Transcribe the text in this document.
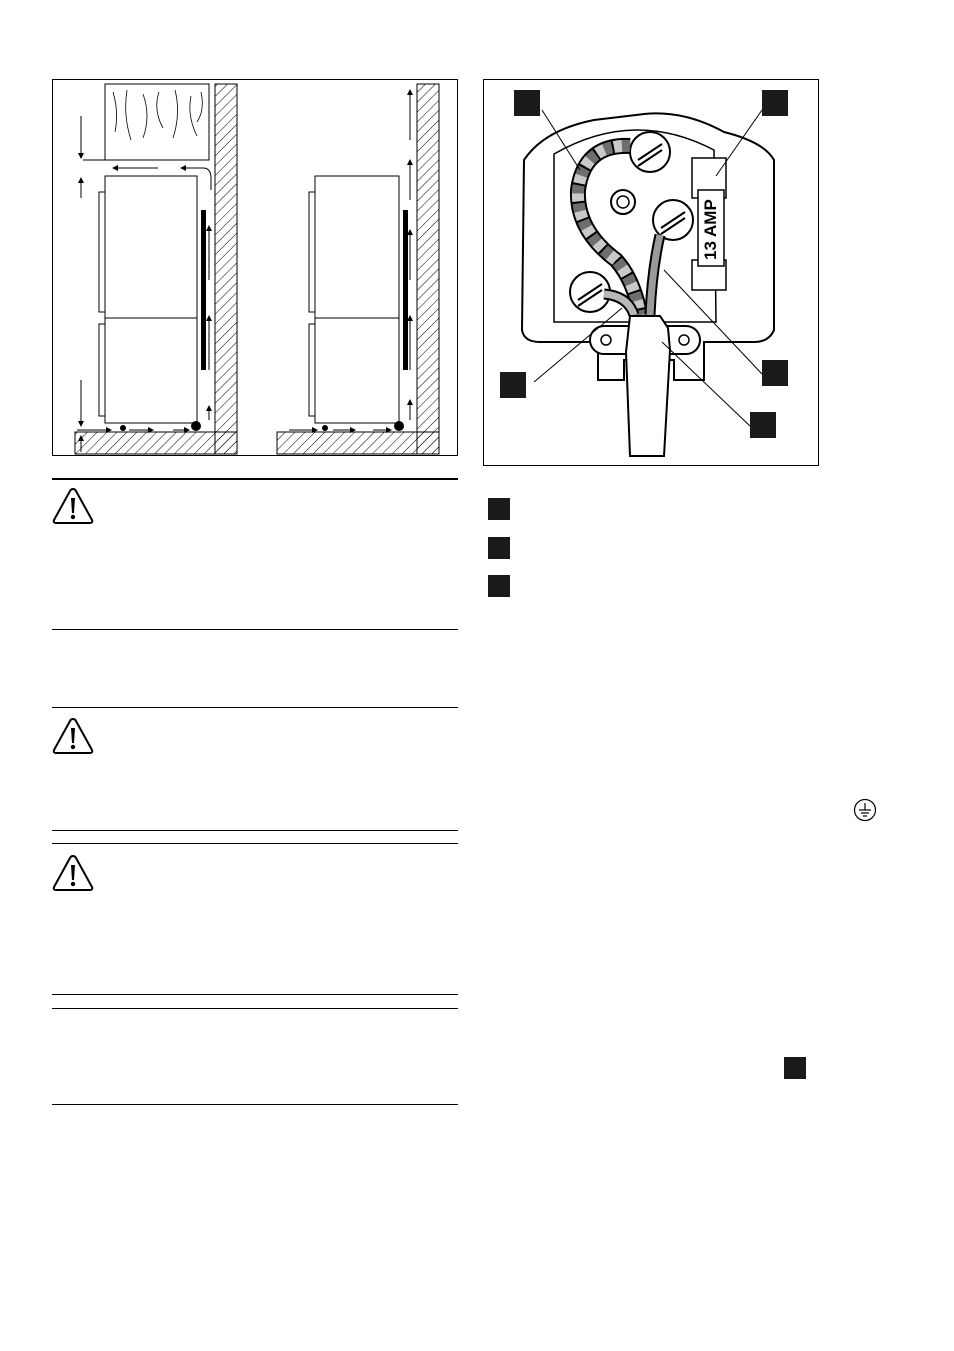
13 AMP
